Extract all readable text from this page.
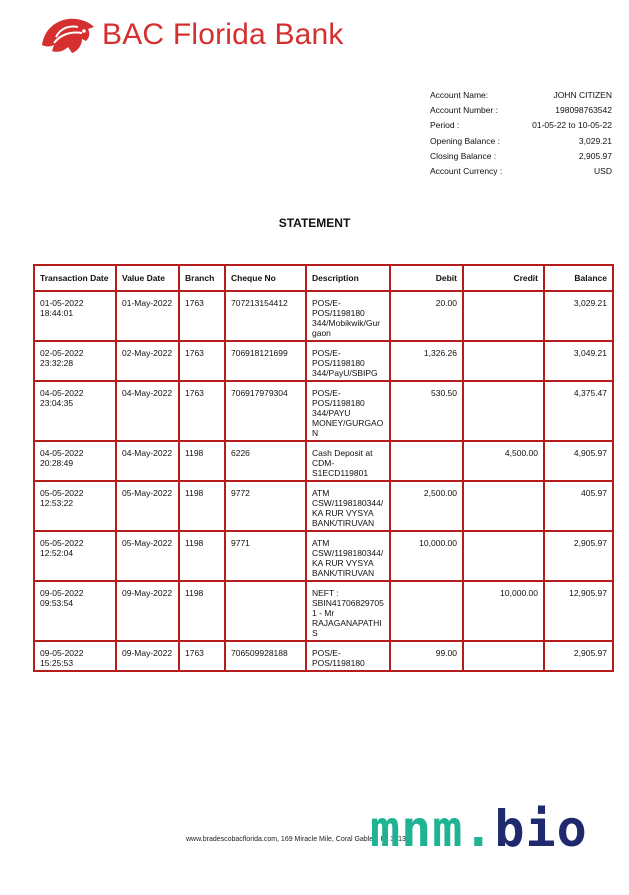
BAC Florida Bank
Account Name:	JOHN CITIZEN
Account Number :	198098763542
Period :	01-05-22 to 10-05-22
Opening Balance :	3,029.21
Closing Balance :	2,905.97
Account Currency :	USD
STATEMENT
Transaction Date	Value Date	Branch	Cheque No	Description	Debit	Credit	Balance
01-05-2022 18:44:01	01-May-2022	1763	707213154412	POS/E-POS/1198180 344/Mobikwik/Gurgaon	20.00		3,029.21
02-05-2022 23:32:28	02-May-2022	1763	706918121699	POS/E-POS/1198180 344/PayU/SBIPG	1,326.26		3,049.21
04-05-2022 23:04:35	04-May-2022	1763	706917979304	POS/E-POS/1198180 344/PAYU MONEY/GURGAON	530.50		4,375.47
04-05-2022 20:28:49	04-May-2022	1198	6226	Cash Deposit at CDM-S1ECD119801		4,500.00	4,905.97
05-05-2022 12:53:22	05-May-2022	1198	9772	ATM CSW/1198180344/KA RUR VYSYA BANK/TIRUVAN	2,500.00		405.97
05-05-2022 12:52:04	05-May-2022	1198	9771	ATM CSW/1198180344/KA RUR VYSYA BANK/TIRUVAN	10,000.00		2,905.97
09-05-2022 09:53:54	09-May-2022	1198		NEFT : SBIN417068297051 - Mr RAJAGANAPATHIS		10,000.00	12,905.97
09-05-2022 15:25:53	09-May-2022	1763	706509928188	POS/E-POS/1198180	99.00		2,905.97
www.bradescobacflorida.com, 169 Miracle Mile, Coral Gables, FL 33134
mnm.bio
